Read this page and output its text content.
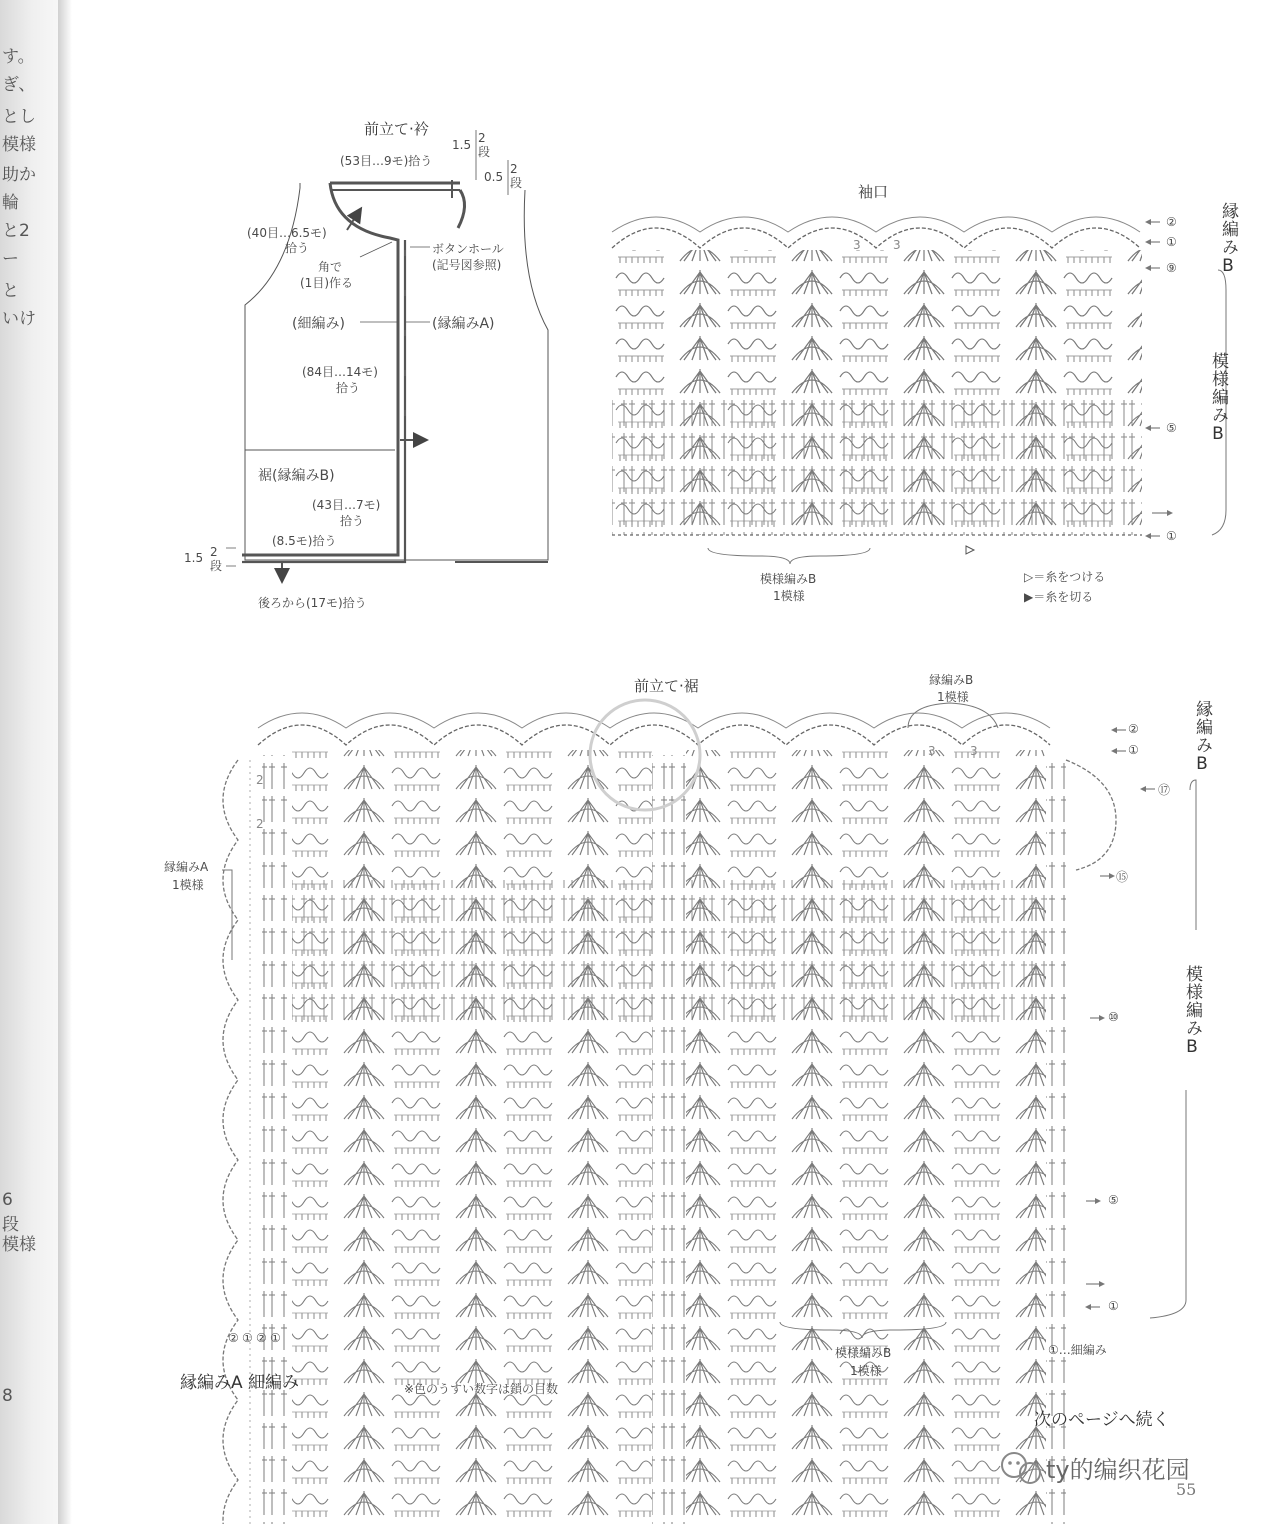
す。
ぎ、
とし
模様
助か
輪
と2
ー
と
いけ
6
段
模様
8
前立て·衿
(53目…9モ)拾う
1.5 2段
0.5
2段
(40目…6.5モ)
拾う
角で
(1目)作る
ボタンホール
(記号図参照)
(細編み)	(縁編みA)
(84目…14モ)
拾う
裾(縁編みB)
(43目…7モ)
拾う
(8.5モ)拾う
1.5 2段
後ろから(17モ)拾う
袖口
3	3
②
①
⑨
⑤
①
縁編みB
模様編みB
模様編みB
1模様
▷＝糸をつける
▶＝糸を切る
前立て·裾	縁編みB
1模様
3	3
2
2
縁編みA
1模様
②
①
⑰
⑮
⑩
⑤
①
縁編みB
模様編みB
模様編みB
1模様
② ① ② ①
縁編みA 細編み	※色のうすい数字は鎖の目数
①…細編み
次のページへ続く
ty的编织花园
55
